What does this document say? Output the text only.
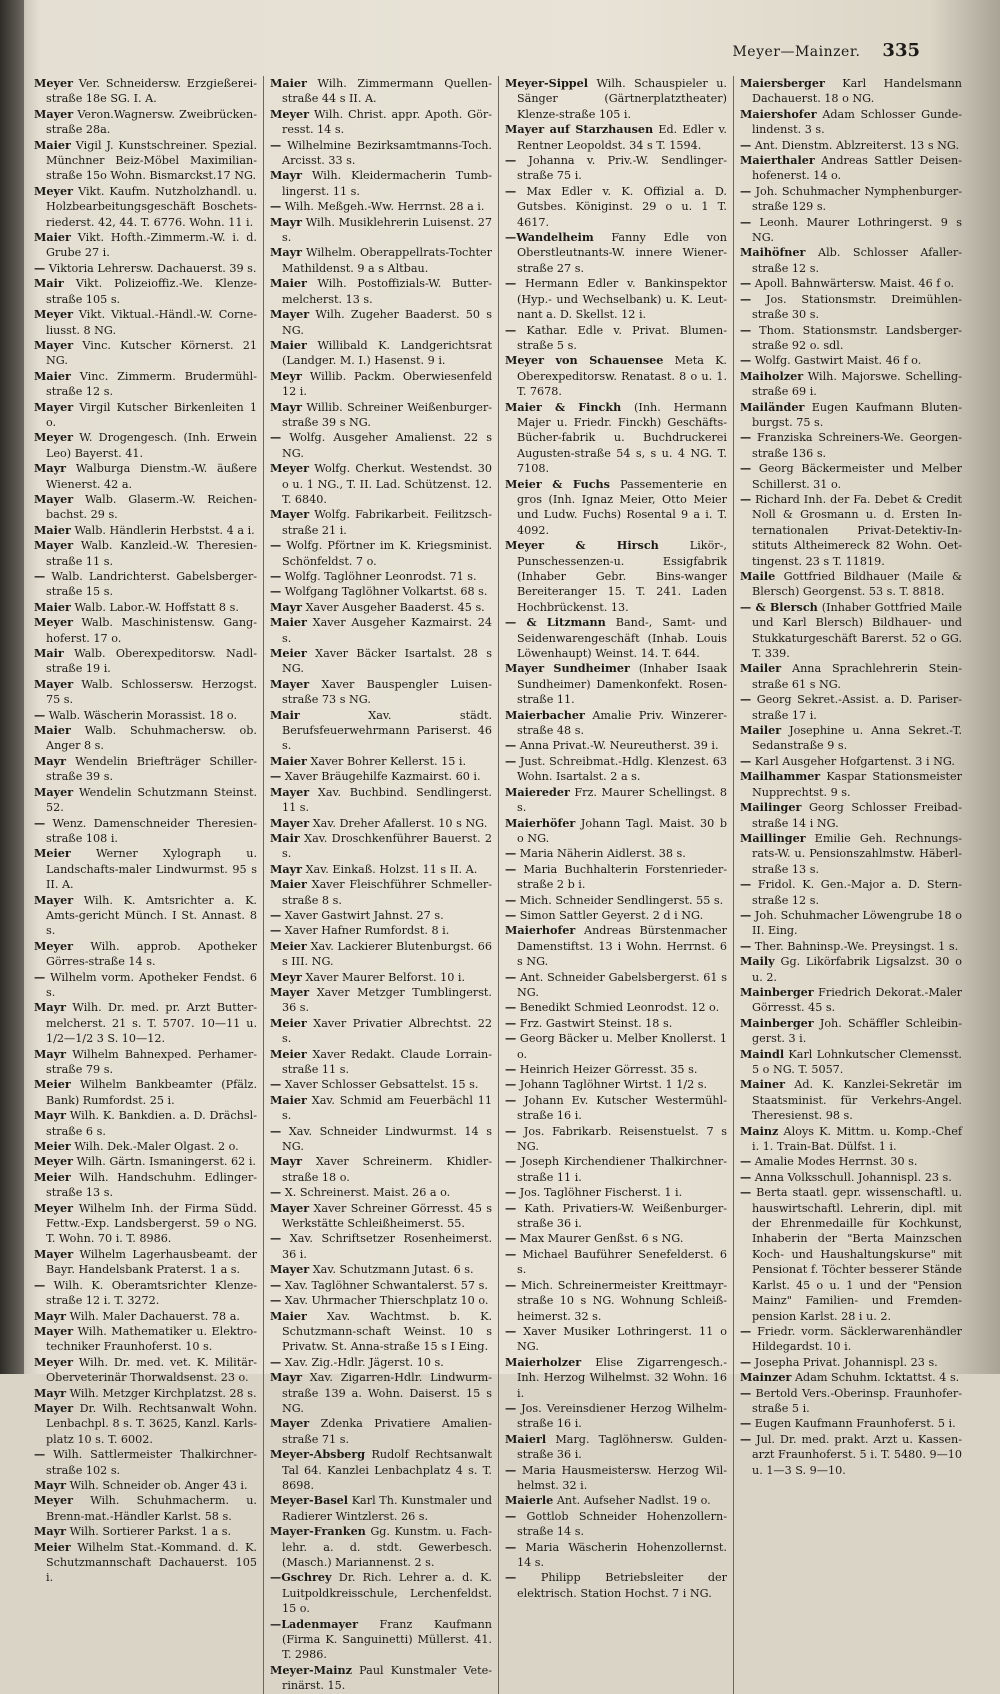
Meyer—Mainzer. 335

Meyer Ver. Schneidersw. Erzgießerei-straße 18e SG. I. A.

Mayer Veron.Wagnersw. Zweibrücken-straße 28a.

Maier Vigil J. Kunstschreiner. Spezial. Münchner Beiz-Möbel Maximilian-straße 15o Wohn. Bismarckst.17 NG.

Meyer Vikt. Kaufm. Nutzholzhandl. u. Holzbearbeitungsgeschäft Boschets-riederst. 42, 44. T. 6776. Wohn. 11 i.

Maier Vikt. Hofth.-Zimmerm.-W. i. d. Grube 27 i.

— Viktoria Lehrersw. Dachauerst. 39 s.

Mair Vikt. Polizeioffiz.-We. Klenze-straße 105 s.

Meyer Vikt. Viktual.-Händl.-W. Corne-liusst. 8 NG.

Mayer Vinc. Kutscher Körnerst. 21 NG.

Maier Vinc. Zimmerm. Brudermühl-straße 12 s.

Mayer Virgil Kutscher Birkenleiten 1 o.

Meyer W. Drogengesch. (Inh. Erwein Leo) Bayerst. 41.

Mayr Walburga Dienstm.-W. äußere Wienerst. 42 a.

Mayer Walb. Glaserm.-W. Reichen-bachst. 29 s.

Maier Walb. Händlerin Herbstst. 4 a i.

Mayer Walb. Kanzleid.-W. Theresien-straße 11 s.

— Walb. Landrichterst. Gabelsberger-straße 15 s.

Maier Walb. Labor.-W. Hoffstatt 8 s.

Meyer Walb. Maschinistensw. Gang-hoferst. 17 o.

Mair Walb. Oberexpeditorsw. Nadl-straße 19 i.

Mayer Walb. Schlossersw. Herzogst. 75 s.

— Walb. Wäscherin Morassist. 18 o.

Maier Walb. Schuhmachersw. ob. Anger 8 s.

Mayr Wendelin Briefträger Schiller-straße 39 s.

Mayer Wendelin Schutzmann Steinst. 52.

— Wenz. Damenschneider Theresien-straße 108 i.

Meier Werner Xylograph u. Landschafts-maler Lindwurmst. 95 s II. A.

Mayer Wilh. K. Amtsrichter a. K. Amts-gericht Münch. I St. Annast. 8 s.

Meyer Wilh. approb. Apotheker Görres-straße 14 s.

— Wilhelm vorm. Apotheker Fendst. 6 s.

Mayr Wilh. Dr. med. pr. Arzt Butter-melcherst. 21 s. T. 5707. 10—11 u. 1/2—1/2 3 S. 10—12.

Mayr Wilhelm Bahnexped. Perhamer-straße 79 s.

Meier Wilhelm Bankbeamter (Pfälz. Bank) Rumfordst. 25 i.

Mayr Wilh. K. Bankdien. a. D. Drächsl-straße 6 s.

Meier Wilh. Dek.-Maler Olgast. 2 o.

Meyer Wilh. Gärtn. Ismaningerst. 62 i.

Meier Wilh. Handschuhm. Edlinger-straße 13 s.

Meyer Wilhelm Inh. der Firma Südd. Fettw.-Exp. Landsbergerst. 59 o NG. T. Wohn. 70 i. T. 8986.

Mayer Wilhelm Lagerhausbeamt. der Bayr. Handelsbank Praterst. 1 a s.

— Wilh. K. Oberamtsrichter Klenze-straße 12 i. T. 3272.

Mayr Wilh. Maler Dachauerst. 78 a.

Mayer Wilh. Mathematiker u. Elektro-techniker Fraunhoferst. 10 s.

Meyer Wilh. Dr. med. vet. K. Militär-Oberveterinär Thorwaldsenst. 23 o.

Mayr Wilh. Metzger Kirchplatzst. 28 s.

Mayer Dr. Wilh. Rechtsanwalt Wohn. Lenbachpl. 8 s. T. 3625, Kanzl. Karls-platz 10 s. T. 6002.

— Wilh. Sattlermeister Thalkirchner-straße 102 s.

Mayr Wilh. Schneider ob. Anger 43 i.

Meyer Wilh. Schuhmacherm. u. Brenn-mat.-Händler Karlst. 58 s.

Mayr Wilh. Sortierer Parkst. 1 a s.

Meier Wilhelm Stat.-Kommand. d. K. Schutzmannschaft Dachauerst. 105 i.

Maier Wilh. Zimmermann Quellen-straße 44 s II. A.

Meyer Wilh. Christ. appr. Apoth. Gör-resst. 14 s.

— Wilhelmine Bezirksamtmanns-Toch. Arcisst. 33 s.

Mayr Wilh. Kleidermacherin Tumb-lingerst. 11 s.

— Wilh. Meßgeh.-Ww. Herrnst. 28 a i.

Mayr Wilh. Musiklehrerin Luisenst. 27 s.

Mayr Wilhelm. Oberappellrats-Tochter Mathildenst. 9 a s Altbau.

Maier Wilh. Postoffizials-W. Butter-melcherst. 13 s.

Mayer Wilh. Zugeher Baaderst. 50 s NG.

Maier Willibald K. Landgerichtsrat (Landger. M. I.) Hasenst. 9 i.

Meyr Willib. Packm. Oberwiesenfeld 12 i.

Mayr Willib. Schreiner Weißenburger-straße 39 s NG.

— Wolfg. Ausgeher Amalienst. 22 s NG.

Meyer Wolfg. Cherkut. Westendst. 30 o u. 1 NG., T. II. Lad. Schützenst. 12. T. 6840.

Mayer Wolfg. Fabrikarbeit. Feilitzsch-straße 21 i.

— Wolfg. Pförtner im K. Kriegsminist. Schönfeldst. 7 o.

— Wolfg. Taglöhner Leonrodst. 71 s.

— Wolfgang Taglöhner Volkartst. 68 s.

Mayr Xaver Ausgeher Baaderst. 45 s.

Maier Xaver Ausgeher Kazmairst. 24 s.

Meier Xaver Bäcker Isartalst. 28 s NG.

Mayer Xaver Bauspengler Luisen-straße 73 s NG.

Mair	Xav. städt. Berufsfeuerwehrmann Pariserst. 46 s.

Maier Xaver Bohrer Kellerst. 15 i.

— Xaver Bräugehilfe Kazmairst. 60 i.

Mayer Xav. Buchbind. Sendlingerst. 11 s.

Mayer Xav. Dreher Afallerst. 10 s NG.

Mair Xav. Droschkenführer Bauerst. 2 s.

Mayr Xav. Einkaß. Holzst. 11 s II. A.

Maier Xaver Fleischführer Schmeller-straße 8 s.

— Xaver Gastwirt Jahnst. 27 s.

— Xaver Hafner Rumfordst. 8 i.

Meier Xav. Lackierer Blutenburgst. 66 s III. NG.

Meyr Xaver Maurer Belforst. 10 i.

Mayer Xaver Metzger Tumblingerst. 36 s.

Meier Xaver Privatier Albrechtst. 22 s.

Meier Xaver Redakt. Claude Lorrain-straße 11 s.

— Xaver Schlosser Gebsattelst. 15 s.

Maier Xav. Schmid am Feuerbächl 11 s.

— Xav. Schneider Lindwurmst. 14 s NG.

Mayr Xaver Schreinerm. Khidler-straße 18 o.

— X. Schreinerst. Maist. 26 a o.

Mayer Xaver Schreiner Görresst. 45 s Werkstätte Schleißheimerst. 55.

— Xav. Schriftsetzer Rosenheimerst. 36 i.

Mayer Xav. Schutzmann Jutast. 6 s.

— Xav. Taglöhner Schwantalerst. 57 s.

— Xav. Uhrmacher Thierschplatz 10 o.

Maier Xav. Wachtmst. b. K. Schutzmann-schaft Weinst. 10 s Privatw. St. Anna-straße 15 s I Eing.

— Xav. Zig.-Hdlr. Jägerst. 10 s.

Mayr Xav. Zigarren-Hdlr. Lindwurm-straße 139 a. Wohn. Daiserst. 15 s NG.

Mayer Zdenka Privatiere Amalien-straße 71 s.

Meyer-Absberg Rudolf Rechtsanwalt Tal 64. Kanzlei Lenbachplatz 4 s. T. 8698.

Meyer-Basel Karl Th. Kunstmaler und Radierer Wintzlerst. 26 s.

Mayer-Franken Gg. Kunstm. u. Fach-lehr. a. d. stdt. Gewerbesch. (Masch.) Mariannenst. 2 s.

—Gschrey Dr. Rich. Lehrer a. d. K. Luitpoldkreisschule, Lerchenfeldst. 15 o.

—Ladenmayer Franz Kaufmann (Firma K. Sanguinetti) Müllerst. 41. T. 2986.

Meyer-Mainz Paul Kunstmaler Vete-rinärst. 15.

Meyer-Sippel Wilh. Schauspieler u. Sänger (Gärtnerplatztheater) Klenze-straße 105 i.

Mayer auf Starzhausen Ed. Edler v. Rentner Leopoldst. 34 s T. 1594.

— Johanna v. Priv.-W. Sendlinger-straße 75 i.

— Max Edler v. K. Offizial a. D. Gutsbes. Königinst. 29 o u. 1 T. 4617.

—Wandelheim Fanny Edle von Oberstleutnants-W. innere Wiener-straße 27 s.

— Hermann Edler v. Bankinspektor (Hyp.- und Wechselbank) u. K. Leut-nant a. D. Skellst. 12 i.

— Kathar. Edle v. Privat. Blumen-straße 5 s.

Meyer von Schauensee Meta K. Oberexpeditorsw. Renatast. 8 o u. 1. T. 7678.

Maier & Finckh (Inh. Hermann Majer u. Friedr. Finckh) Geschäfts-Bücher-fabrik u. Buchdruckerei Augusten-straße 54 s, s u. 4 NG. T. 7108.

Meier & Fuchs Passementerie en gros (Inh. Ignaz Meier, Otto Meier und Ludw. Fuchs) Rosental 9 a i. T. 4092.

Meyer & Hirsch	Likör-, Punschessenzen-u. Essigfabrik (Inhaber Gebr. Bins-wanger Bereiteranger 15. T. 241. Laden Hochbrückenst. 13.

— & Litzmann Band-, Samt- und Seidenwarengeschäft (Inhab. Louis Löwenhaupt) Weinst. 14. T. 644.

Mayer Sundheimer (Inhaber Isaak Sundheimer) Damenkonfekt. Rosen-straße 11.

Maierbacher Amalie Priv. Winzerer-straße 48 s.

— Anna Privat.-W. Neureutherst. 39 i.

— Just. Schreibmat.-Hdlg. Klenzest. 63 Wohn. Isartalst. 2 a s.

Maiereder Frz. Maurer Schellingst. 8 s.

Maierhöfer Johann Tagl. Maist. 30 b o NG.

— Maria Näherin Aidlerst. 38 s.

— Maria Buchhalterin Forstenrieder-straße 2 b i.

— Mich. Schneider Sendlingerst. 55 s.

— Simon Sattler Geyerst. 2 d i NG.

Maierhofer Andreas Bürstenmacher Damenstiftst. 13 i Wohn. Herrnst. 6 s NG.

— Ant. Schneider Gabelsbergerst. 61 s NG.

— Benedikt Schmied Leonrodst. 12 o.

— Frz. Gastwirt Steinst. 18 s.

— Georg Bäcker u. Melber Knollerst. 1 o.

— Heinrich Heizer Görresst. 35 s.

— Johann Taglöhner Wirtst. 1 1/2 s.

— Johann Ev. Kutscher Westermühl-straße 16 i.

— Jos. Fabrikarb. Reisenstuelst. 7 s NG.

— Joseph Kirchendiener Thalkirchner-straße 11 i.

— Jos. Taglöhner Fischerst. 1 i.

— Kath. Privatiers-W. Weißenburger-straße 36 i.

— Max Maurer Genßst. 6 s NG.

— Michael Bauführer Senefelderst. 6 s.

— Mich. Schreinermeister Kreittmayr-straße 10 s NG. Wohnung Schleiß-heimerst. 32 s.

— Xaver Musiker Lothringerst. 11 o NG.

Maierholzer Elise Zigarrengesch.-Inh. Herzog Wilhelmst. 32 Wohn. 16 i.

— Jos. Vereinsdiener Herzog Wilhelm-straße 16 i.

Maierl Marg. Taglöhnersw. Gulden-straße 36 i.

— Maria Hausmeistersw. Herzog Wil-helmst. 32 i.

Maierle Ant. Aufseher Nadlst. 19 o.

— Gottlob Schneider Hohenzollern-straße 14 s.

— Maria Wäscherin Hohenzollernst. 14 s.

— Philipp Betriebsleiter der elektrisch. Station Hochst. 7 i NG.

Maiersberger Karl Handelsmann Dachauerst. 18 o NG.

Maiershofer Adam Schlosser Gunde-lindenst. 3 s.

— Ant. Dienstm. Ablzreiterst. 13 s NG.

Maierthaler Andreas Sattler Deisen-hofenerst. 14 o.

— Joh. Schuhmacher Nymphenburger-straße 129 s.

— Leonh. Maurer Lothringerst. 9 s NG.

Maihöfner Alb. Schlosser Afaller-straße 12 s.

— Apoll. Bahnwärtersw. Maist. 46 f o.

— Jos. Stationsmstr. Dreimühlen-straße 30 s.

— Thom. Stationsmstr. Landsberger-straße 92 o. sdl.

— Wolfg. Gastwirt Maist. 46 f o.

Maiholzer Wilh. Majorswe. Schelling-straße 69 i.

Mailänder Eugen Kaufmann Bluten-burgst. 75 s.

— Franziska Schreiners-We. Georgen-straße 136 s.

— Georg Bäckermeister und Melber Schillerst. 31 o.

— Richard Inh. der Fa. Debet & Credit Noll & Grosmann u. d. Ersten In-ternationalen Privat-Detektiv-In-stituts Altheimereck 82 Wohn. Oet-tingenst. 23 s T. 11819.

Maile Gottfried Bildhauer (Maile & Blersch) Georgenst. 53 s. T. 8818.

— & Blersch (Inhaber Gottfried Maile und Karl Blersch) Bildhauer- und Stukkaturgeschäft Barerst. 52 o GG. T. 339.

Mailer Anna Sprachlehrerin Stein-straße 61 s NG.

— Georg Sekret.-Assist. a. D. Pariser-straße 17 i.

Mailer Josephine u. Anna Sekret.-T. Sedanstraße 9 s.

— Karl Ausgeher Hofgartenst. 3 i NG.

Mailhammer Kaspar Stationsmeister Nupprechtst. 9 s.

Mailinger Georg Schlosser Freibad-straße 14 i NG.

Maillinger Emilie Geh. Rechnungs-rats-W. u. Pensionszahlmstw. Häberl-straße 13 s.

— Fridol. K. Gen.-Major a. D. Stern-straße 12 s.

— Joh. Schuhmacher Löwengrube 18 o II. Eing.

— Ther. Bahninsp.-We. Preysingst. 1 s.

Maily Gg. Likörfabrik Ligsalzst. 30 o u. 2.

Mainberger Friedrich Dekorat.-Maler Görresst. 45 s.

Mainberger Joh. Schäffler Schleibin-gerst. 3 i.

Maindl Karl Lohnkutscher Clemensst. 5 o NG. T. 5057.

Mainer Ad. K. Kanzlei-Sekretär im Staatsminist. für Verkehrs-Angel. Theresienst. 98 s.

Mainz Aloys K. Mittm. u. Komp.-Chef i. 1. Train-Bat. Dülfst. 1 i.

— Amalie Modes Herrnst. 30 s.

— Anna Volksschull. Johannispl. 23 s.

— Berta staatl. gepr. wissenschaftl. u. hauswirtschaftl. Lehrerin, dipl. mit der Ehrenmedaille für Kochkunst, Inhaberin der "Berta Mainzschen Koch- und Haushaltungskurse" mit Pensionat f. Töchter besserer Stände Karlst. 45 o u. 1 und der "Pension Mainz" Familien- und Fremden-pension Karlst. 28 i u. 2.

— Friedr. vorm. Säcklerwarenhändler Hildegardst. 10 i.

— Josepha Privat. Johannispl. 23 s.

Mainzer Adam Schuhm. Icktattst. 4 s.

— Bertold Vers.-Oberinsp. Fraunhofer-straße 5 i.

— Eugen Kaufmann Fraunhoferst. 5 i.

— Jul. Dr. med. prakt. Arzt u. Kassen-arzt Fraunhoferst. 5 i. T. 5480. 9—10 u. 1—3 S. 9—10.
